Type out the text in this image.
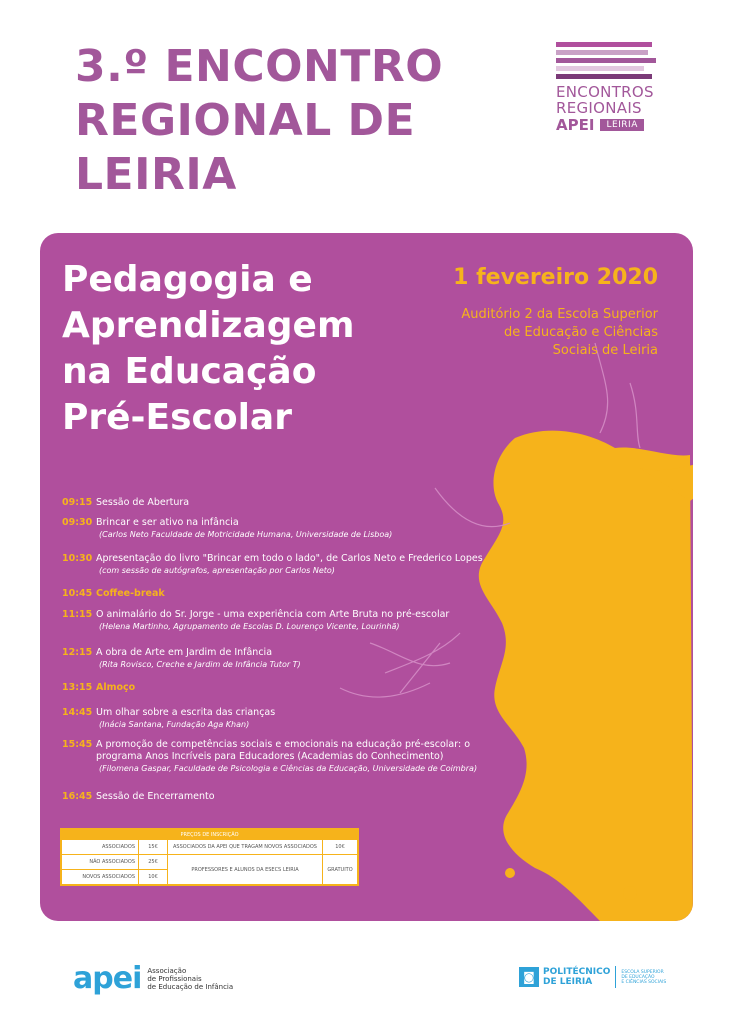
3.º ENCONTRO
REGIONAL DE
LEIRIA
ENCONTROS
REGIONAIS
APEI	LEIRIA
Pedagogia e
Aprendizagem
na Educação
Pré-Escolar
1 fevereiro 2020
Auditório 2 da Escola Superior
de Educação e Ciências
Sociais de Leiria
09:15 Sessão de Abertura
09:30 Brincar e ser ativo na infância
(Carlos Neto Faculdade de Motricidade Humana, Universidade de Lisboa)
10:30 Apresentação do livro "Brincar em todo o lado", de Carlos Neto e Frederico Lopes
(com sessão de autógrafos, apresentação por Carlos Neto)
10:45 Coffee-break
11:15 O animalário do Sr. Jorge - uma experiência com Arte Bruta no pré-escolar
(Helena Martinho, Agrupamento de Escolas D. Lourenço Vicente, Lourinhã)
12:15 A obra de Arte em Jardim de Infância
(Rita Rovisco, Creche e Jardim de Infância Tutor T)
13:15 Almoço
14:45 Um olhar sobre a escrita das crianças
(Inácia Santana, Fundação Aga Khan)
15:45 A promoção de competências sociais e emocionais na educação pré-escolar: o programa Anos Incríveis para Educadores (Academias do Conhecimento)
(Filomena Gaspar, Faculdade de Psicologia e Ciências da Educação, Universidade de Coimbra)
16:45 Sessão de Encerramento
PREÇOS DE INSCRIÇÃO			
ASSOCIADOS	15€	ASSOCIADOS DA APEI QUE TRAGAM NOVOS ASSOCIADOS	10€
NÃO ASSOCIADOS	25€	PROFESSORES E ALUNOS DA ESECS LEIRIA	GRATUITO
NOVOS ASSOCIADOS	10€		
apei Associação
de Profissionais
de Educação de Infância
◙ POLITÉCNICO
DE LEIRIA
ESCOLA SUPERIOR
DE EDUCAÇÃO
E CIÊNCIAS SOCIAIS
